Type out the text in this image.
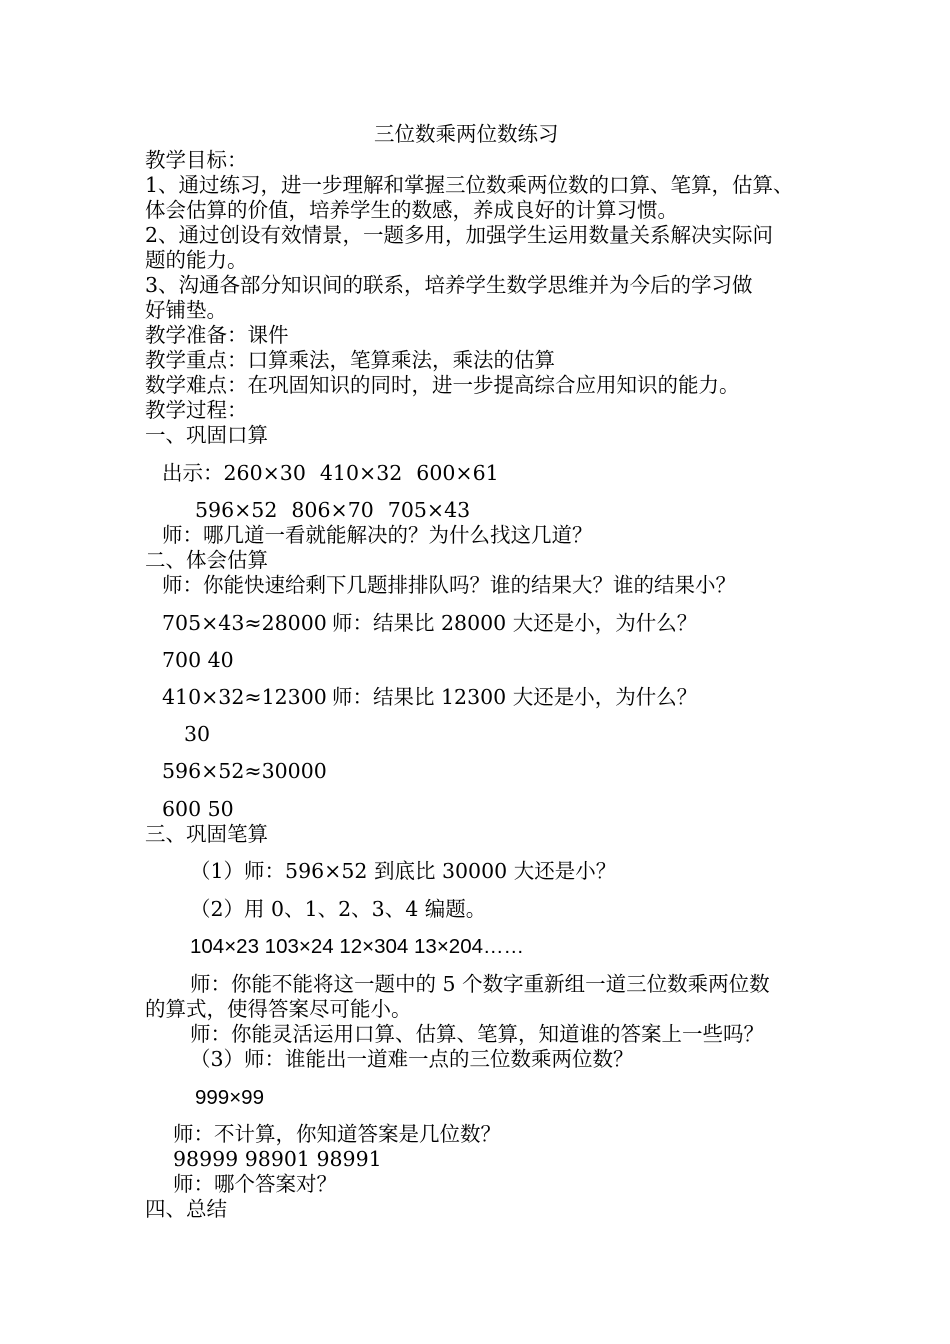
三位数乘两位数练习
教学目标：
1、通过练习，进一步理解和掌握三位数乘两位数的口算、笔算，估算、
体会估算的价值，培养学生的数感，养成良好的计算习惯。
2、通过创设有效情景，一题多用，加强学生运用数量关系解决实际问
题的能力。
3、沟通各部分知识间的联系，培养学生数学思维并为今后的学习做
好铺垫。
教学准备：课件
教学重点：口算乘法，笔算乘法，乘法的估算
数学难点：在巩固知识的同时，进一步提高综合应用知识的能力。
教学过程：
一、巩固口算
出示：260×30 410×32 600×61
596×52 806×70 705×43
师：哪几道一看就能解决的？为什么找这几道？
二、体会估算
师：你能快速给剩下几题排排队吗？谁的结果大？谁的结果小？
705×43≈28000 师：结果比 28000 大还是小，为什么？
700 40
410×32≈12300 师：结果比 12300 大还是小，为什么？
30
596×52≈30000
600 50
三、巩固笔算
（1）师：596×52 到底比 30000 大还是小？
（2）用 0、1、2、3、4 编题。
104×23 103×24 12×304 13×204……
师：你能不能将这一题中的 5 个数字重新组一道三位数乘两位数
的算式，使得答案尽可能小。
师：你能灵活运用口算、估算、笔算，知道谁的答案上一些吗？
（3）师：谁能出一道难一点的三位数乘两位数？
999×99
师：不计算，你知道答案是几位数？
98999 98901 98991
师：哪个答案对？
四、总结
